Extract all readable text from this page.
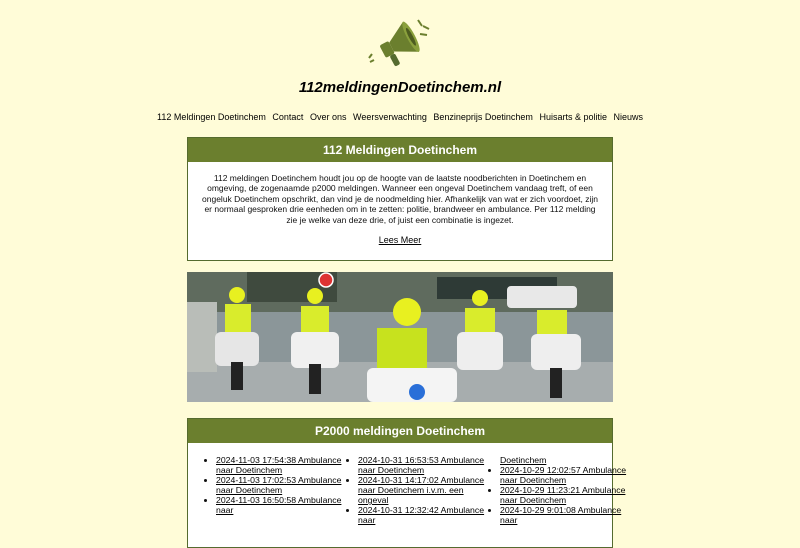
112meldingenDoetinchem.nl
112 Meldingen Doetinchem Contact Over ons Weersverwachting Benzineprijs Doetinchem Huisarts & politie Nieuws
112 Meldingen Doetinchem
112 meldingen Doetinchem houdt jou op de hoogte van de laatste noodberichten in Doetinchem en omgeving, de zogenaamde p2000 meldingen. Wanneer een ongeval Doetinchem vandaag treft, of een ongeluk Doetinchem opschrikt, dan vind je de noodmelding hier. Afhankelijk van wat er zich voordoet, zijn er normaal gesproken drie eenheden om in te zetten: politie, brandweer en ambulance. Per 112 melding zie je welke van deze drie, of juist een combinatie is ingezet.
Lees Meer
P2000 meldingen Doetinchem
• 2024-11-03 17:54:38 Ambulance naar Doetinchem
• 2024-11-03 17:02:53 Ambulance naar Doetinchem
• 2024-11-03 16:50:58 Ambulance naar
• 2024-10-31 16:53:53 Ambulance naar Doetinchem
• 2024-10-31 14:17:02 Ambulance naar Doetinchem i.v.m. een ongeval
• 2024-10-31 12:32:42 Ambulance naar
Doetinchem
• 2024-10-29 12:02:57 Ambulance naar Doetinchem
• 2024-10-29 11:23:21 Ambulance naar Doetinchem
• 2024-10-29 9:01:08 Ambulance naar
